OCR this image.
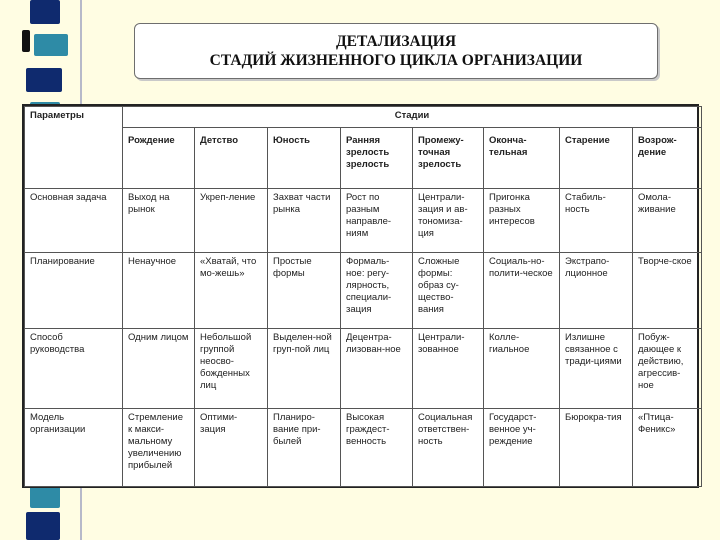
ДЕТАЛИЗАЦИЯ
СТАДИЙ ЖИЗНЕННОГО ЦИКЛА ОРГАНИЗАЦИИ
Параметры	Стадии							
	Рождение	Детство	Юность	Ранняя зрелость зрелость	Промежу-точная зрелость	Оконча-тельная	Старение	Возрож-дение
Основная задача	Выход на рынок	Укреп-ление	Захват части рынка	Рост по разным направле-ниям	Централи-зация и ав-тономиза-ция	Пригонка разных интересов	Стабиль-ность	Омола-живание
Планирование	Ненаучное	«Хватай, что мо-жешь»	Простые формы	Формаль-ное: регу-лярность, специали-зация	Сложные формы: образ су-ществo-вания	Социаль-но-полити-ческое	Экстрапо-лционное	Творче-ское
Способ руководства	Одним лицом	Небольшой группой неосво-божденных лиц	Выделен-ной груп-пой лиц	Децентра-лизован-ное	Централи-зованное	Колле-гиальное	Излишне связанное с тради-циями	Побуж-дающее к действию, агрессив-ное
Модель организации	Стремление к макси-мальному увеличению прибылей	Оптими-зация	Планиро-вание при-былей	Высокая граждест-венность	Социальная ответствен-ность	Государст-венное уч-реждение	Бюрокра-тия	«Птица-Феникс»
